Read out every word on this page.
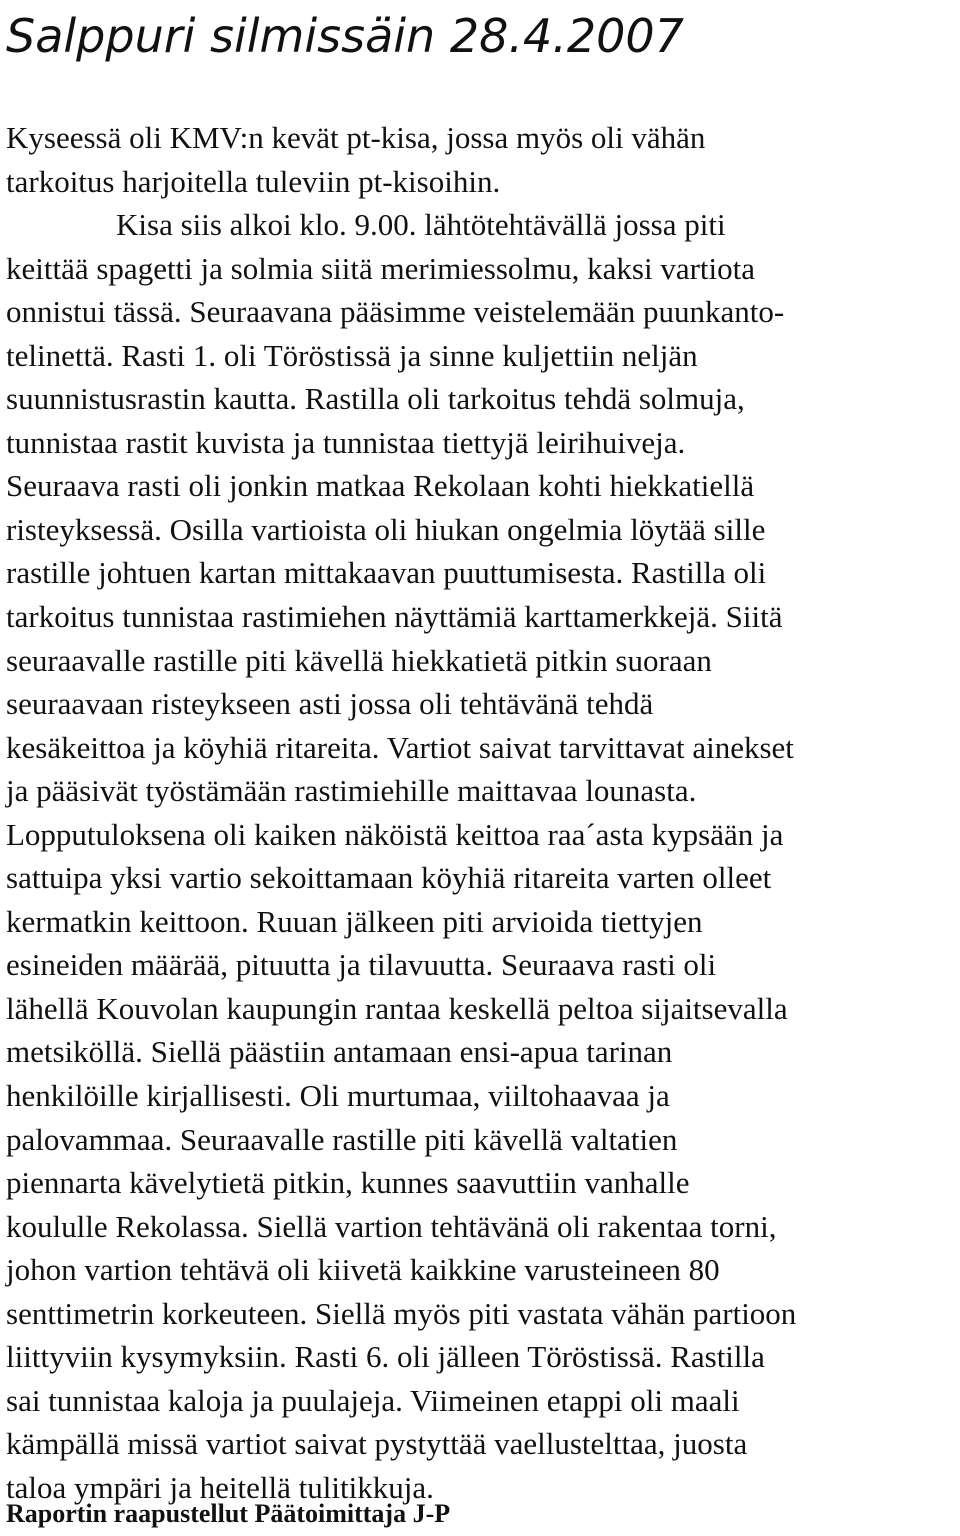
Salppuri silmissäin 28.4.2007
Kyseessä oli KMV:n kevät pt-kisa, jossa myös oli vähän
tarkoitus harjoitella tuleviin pt-kisoihin.
Kisa siis alkoi klo. 9.00. lähtötehtävällä jossa piti
keittää spagetti ja solmia siitä merimiessolmu, kaksi vartiota
onnistui tässä. Seuraavana pääsimme veistelemään puunkanto-
telinettä. Rasti 1. oli Töröstissä ja sinne kuljettiin neljän
suunnistusrastin kautta. Rastilla oli tarkoitus tehdä solmuja,
tunnistaa rastit kuvista ja tunnistaa tiettyjä leirihuiveja.
Seuraava rasti oli jonkin matkaa Rekolaan kohti hiekkatiellä
risteyksessä. Osilla vartioista oli hiukan ongelmia löytää sille
rastille johtuen kartan mittakaavan puuttumisesta. Rastilla oli
tarkoitus tunnistaa rastimiehen näyttämiä karttamerkkejä. Siitä
seuraavalle rastille piti kävellä hiekkatietä pitkin suoraan
seuraavaan risteykseen asti jossa oli tehtävänä tehdä
kesäkeittoa ja köyhiä ritareita. Vartiot saivat tarvittavat ainekset
ja pääsivät työstämään rastimiehille maittavaa lounasta.
Lopputuloksena oli kaiken näköistä keittoa raa´asta kypsään ja
sattuipa yksi vartio sekoittamaan köyhiä ritareita varten olleet
kermatkin keittoon. Ruuan jälkeen piti arvioida tiettyjen
esineiden määrää, pituutta ja tilavuutta. Seuraava rasti oli
lähellä Kouvolan kaupungin rantaa keskellä peltoa sijaitsevalla
metsiköllä. Siellä päästiin antamaan ensi-apua tarinan
henkilöille kirjallisesti. Oli murtumaa, viiltohaavaa ja
palovammaa. Seuraavalle rastille piti kävellä valtatien
piennarta kävelytietä pitkin, kunnes saavuttiin vanhalle
koululle Rekolassa. Siellä vartion tehtävänä oli rakentaa torni,
johon vartion tehtävä oli kiivetä kaikkine varusteineen 80
senttimetrin korkeuteen. Siellä myös piti vastata vähän partioon
liittyviin kysymyksiin. Rasti 6. oli jälleen Töröstissä. Rastilla
sai tunnistaa kaloja ja puulajeja. Viimeinen etappi oli maali
kämpällä missä vartiot saivat pystyttää vaellustelttaa, juosta
taloa ympäri ja heitellä tulitikkuja.

Raportin raapustellut Päätoimittaja J-P
